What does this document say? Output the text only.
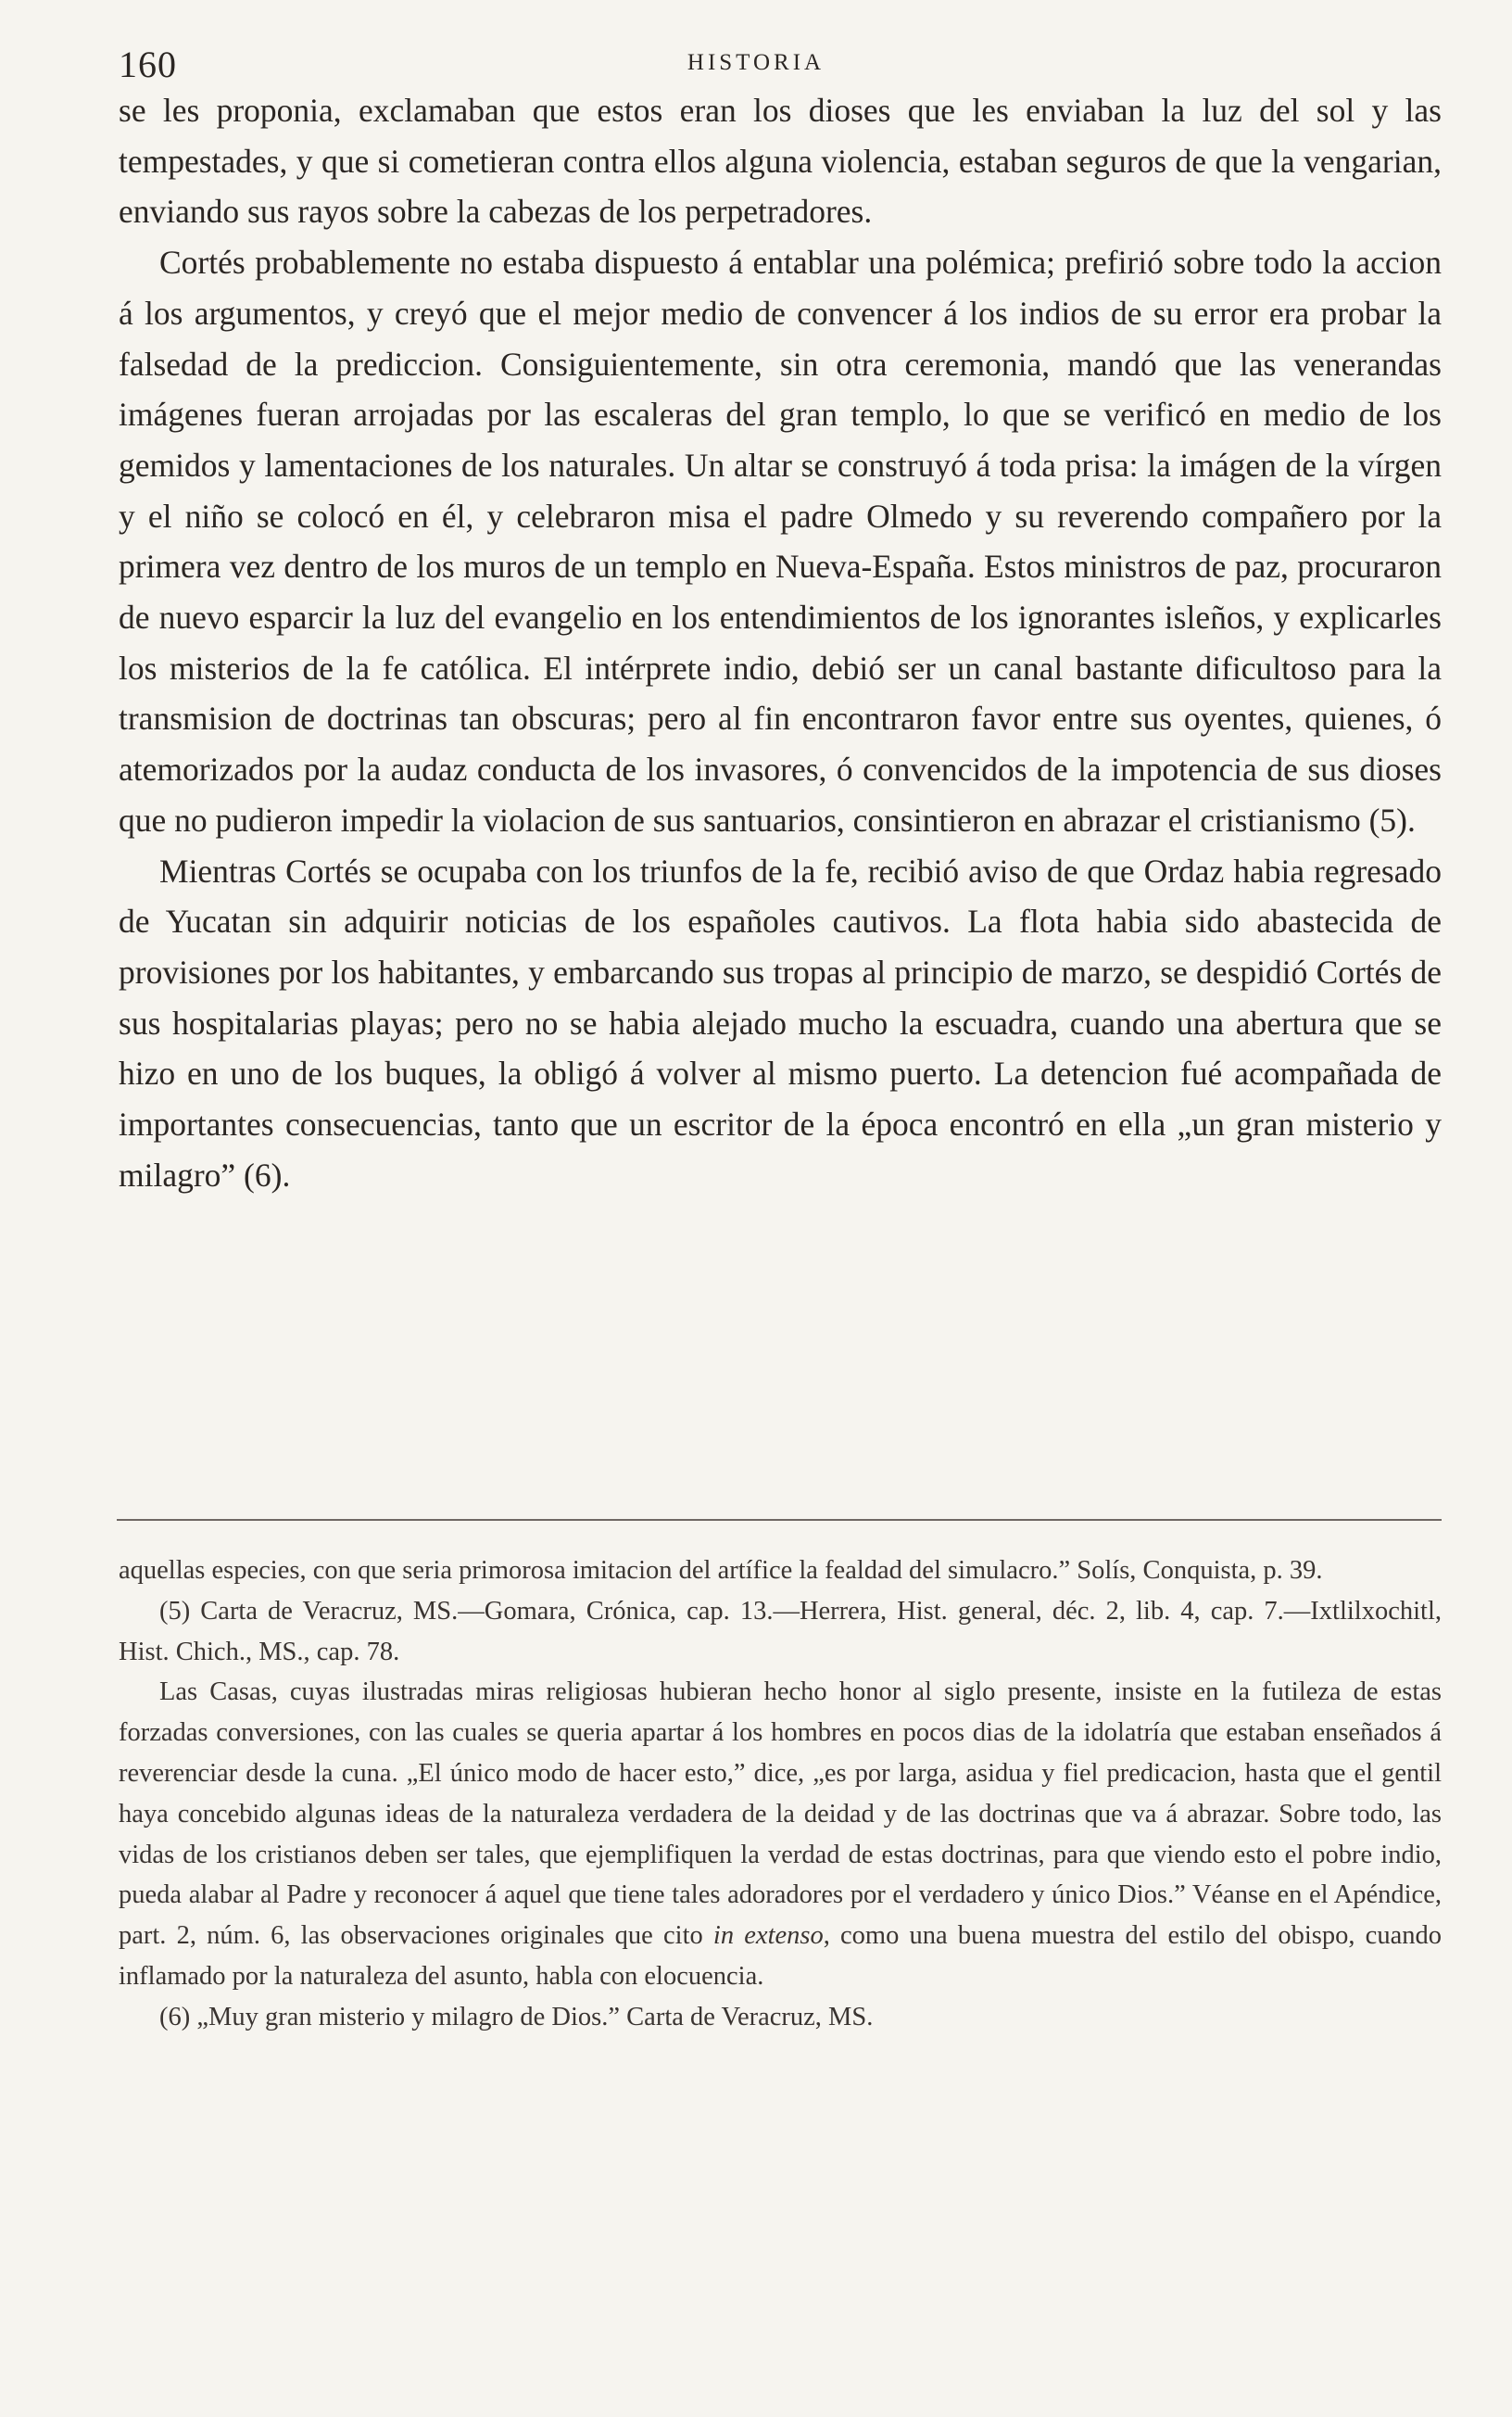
160	HISTORIA

se les proponia, exclamaban que estos eran los dioses que les enviaban la luz del sol y las tempestades, y que si cometieran contra ellos alguna violencia, estaban seguros de que la vengarian, enviando sus rayos sobre la cabezas de los perpetradores.

Cortés probablemente no estaba dispuesto á entablar una polémica; prefirió sobre todo la accion á los argumentos, y creyó que el mejor medio de convencer á los indios de su error era probar la falsedad de la prediccion. Consiguientemente, sin otra ceremonia, mandó que las venerandas imágenes fueran arrojadas por las escaleras del gran templo, lo que se verificó en medio de los gemidos y lamentaciones de los naturales. Un altar se construyó á toda prisa: la imágen de la vírgen y el niño se colocó en él, y celebraron misa el padre Olmedo y su reverendo compañero por la primera vez dentro de los muros de un templo en Nueva-España. Estos ministros de paz, procuraron de nuevo esparcir la luz del evangelio en los entendimientos de los ignorantes isleños, y explicarles los misterios de la fe católica. El intérprete indio, debió ser un canal bastante dificultoso para la transmision de doctrinas tan obscuras; pero al fin encontraron favor entre sus oyentes, quienes, ó atemorizados por la audaz conducta de los invasores, ó convencidos de la impotencia de sus dioses que no pudieron impedir la violacion de sus santuarios, consintieron en abrazar el cristianismo (5).

Mientras Cortés se ocupaba con los triunfos de la fe, recibió aviso de que Ordaz habia regresado de Yucatan sin adquirir noticias de los españoles cautivos. La flota habia sido abastecida de provisiones por los habitantes, y embarcando sus tropas al principio de marzo, se despidió Cortés de sus hospitalarias playas; pero no se habia alejado mucho la escuadra, cuando una abertura que se hizo en uno de los buques, la obligó á volver al mismo puerto. La detencion fué acompañada de importantes consecuencias, tanto que un escritor de la época encontró en ella „un gran misterio y milagro” (6).

aquellas especies, con que seria primorosa imitacion del artífice la fealdad del simulacro.” Solís, Conquista, p. 39.

(5) Carta de Veracruz, MS.—Gomara, Crónica, cap. 13.—Herrera, Hist. general, déc. 2, lib. 4, cap. 7.—Ixtlilxochitl, Hist. Chich., MS., cap. 78.

Las Casas, cuyas ilustradas miras religiosas hubieran hecho honor al siglo presente, insiste en la futileza de estas forzadas conversiones, con las cuales se queria apartar á los hombres en pocos dias de la idolatría que estaban enseñados á reverenciar desde la cuna. „El único modo de hacer esto,” dice, „es por larga, asidua y fiel predicacion, hasta que el gentil haya concebido algunas ideas de la naturaleza verdadera de la deidad y de las doctrinas que va á abrazar. Sobre todo, las vidas de los cristianos deben ser tales, que ejemplifiquen la verdad de estas doctrinas, para que viendo esto el pobre indio, pueda alabar al Padre y reconocer á aquel que tiene tales adoradores por el verdadero y único Dios.” Véanse en el Apéndice, part. 2, núm. 6, las observaciones originales que cito in extenso, como una buena muestra del estilo del obispo, cuando inflamado por la naturaleza del asunto, habla con elocuencia.

(6) „Muy gran misterio y milagro de Dios.” Carta de Veracruz, MS.
